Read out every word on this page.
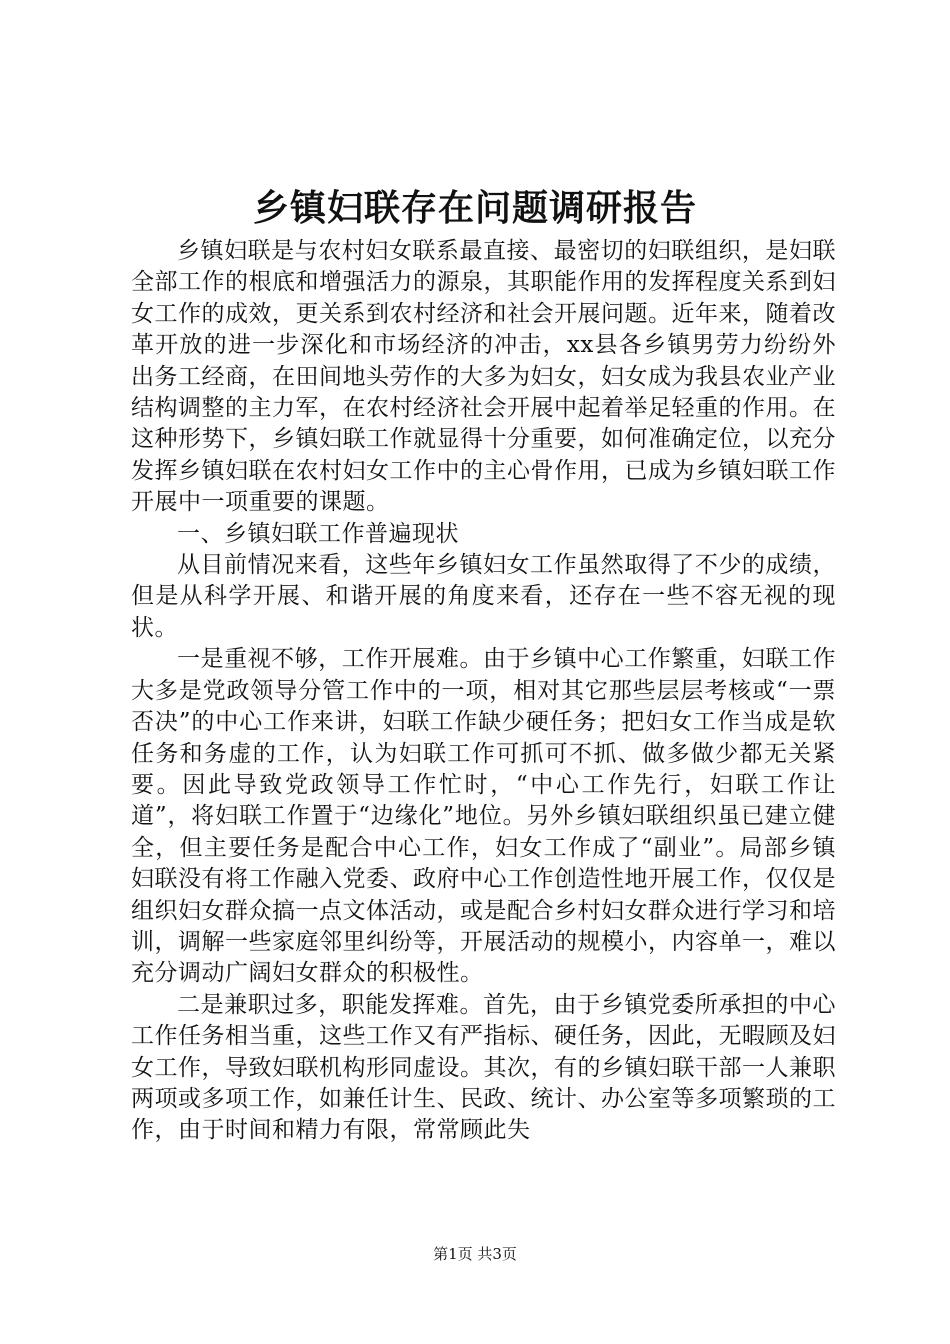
乡镇妇联存在问题调研报告

乡镇妇联是与农村妇女联系最直接、最密切的妇联组织，是妇联全部工作的根底和增强活力的源泉，其职能作用的发挥程度关系到妇女工作的成效，更关系到农村经济和社会开展问题。近年来，随着改革开放的进一步深化和市场经济的冲击，xx县各乡镇男劳力纷纷外出务工经商，在田间地头劳作的大多为妇女，妇女成为我县农业产业结构调整的主力军，在农村经济社会开展中起着举足轻重的作用。在这种形势下，乡镇妇联工作就显得十分重要，如何准确定位，以充分发挥乡镇妇联在农村妇女工作中的主心骨作用，已成为乡镇妇联工作开展中一项重要的课题。

一、乡镇妇联工作普遍现状

从目前情况来看，这些年乡镇妇女工作虽然取得了不少的成绩，但是从科学开展、和谐开展的角度来看，还存在一些不容无视的现状。

一是重视不够，工作开展难。由于乡镇中心工作繁重，妇联工作大多是党政领导分管工作中的一项，相对其它那些层层考核或“一票否决”的中心工作来讲，妇联工作缺少硬任务；把妇女工作当成是软任务和务虚的工作，认为妇联工作可抓可不抓、做多做少都无关紧要。因此导致党政领导工作忙时，“中心工作先行，妇联工作让道”，将妇联工作置于“边缘化”地位。另外乡镇妇联组织虽已建立健全，但主要任务是配合中心工作，妇女工作成了“副业”。局部乡镇妇联没有将工作融入党委、政府中心工作创造性地开展工作，仅仅是组织妇女群众搞一点文体活动，或是配合乡村妇女群众进行学习和培训，调解一些家庭邻里纠纷等，开展活动的规模小，内容单一，难以充分调动广阔妇女群众的积极性。

二是兼职过多，职能发挥难。首先，由于乡镇党委所承担的中心工作任务相当重，这些工作又有严指标、硬任务，因此，无暇顾及妇女工作，导致妇联机构形同虚设。其次，有的乡镇妇联干部一人兼职两项或多项工作，如兼任计生、民政、统计、办公室等多项繁琐的工作，由于时间和精力有限，常常顾此失

第1页 共3页
